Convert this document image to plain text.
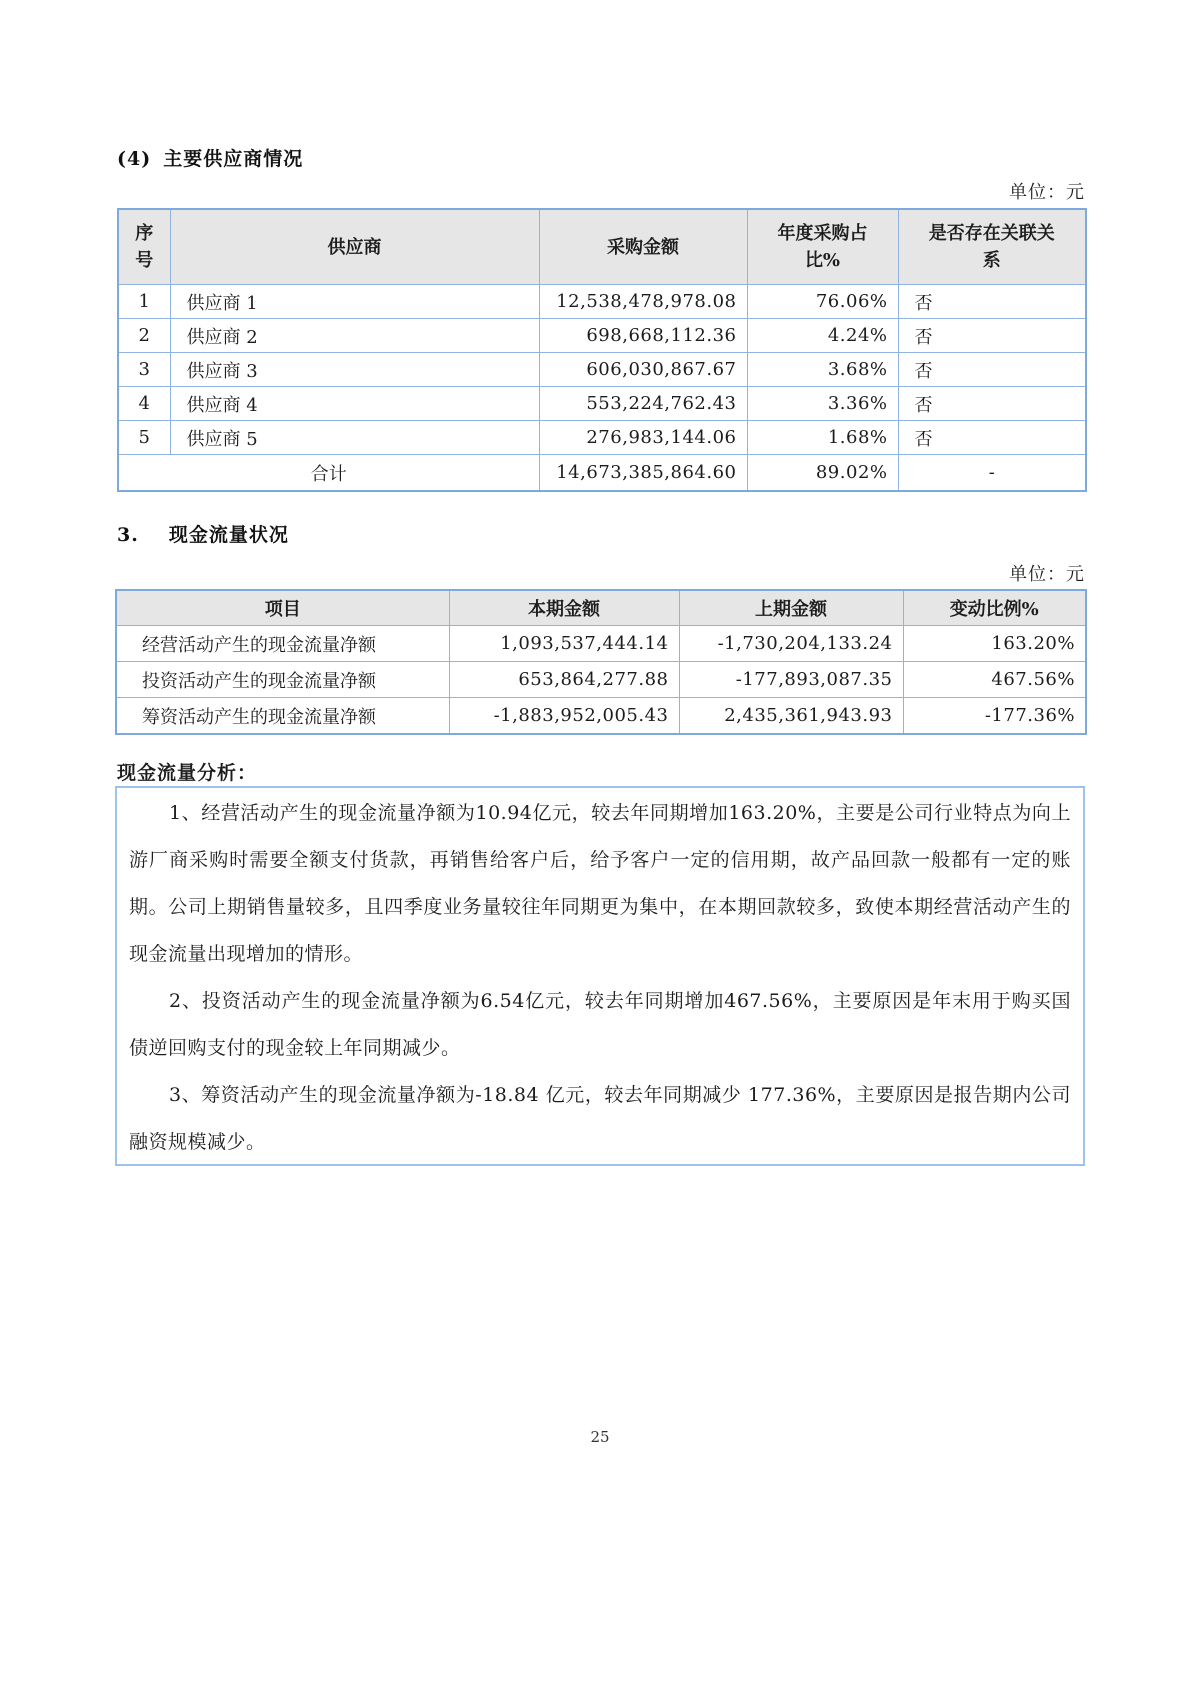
(4) 主要供应商情况
单位：元
序号	供应商	采购金额	年度采购占比%	是否存在关联关系
1	供应商 1	12,538,478,978.08	76.06%	否
2	供应商 2	698,668,112.36	4.24%	否
3	供应商 3	606,030,867.67	3.68%	否
4	供应商 4	553,224,762.43	3.36%	否
5	供应商 5	276,983,144.06	1.68%	否
合计		14,673,385,864.60	89.02%	-
3. 现金流量状况
单位：元
项目	本期金额	上期金额	变动比例%
经营活动产生的现金流量净额	1,093,537,444.14	-1,730,204,133.24	163.20%
投资活动产生的现金流量净额	653,864,277.88	-177,893,087.35	467.56%
筹资活动产生的现金流量净额	-1,883,952,005.43	2,435,361,943.93	-177.36%
现金流量分析：

1、经营活动产生的现金流量净额为10.94亿元，较去年同期增加163.20%，主要是公司行业特点为向上游厂商采购时需要全额支付货款，再销售给客户后，给予客户一定的信用期，故产品回款一般都有一定的账期。公司上期销售量较多，且四季度业务量较往年同期更为集中，在本期回款较多，致使本期经营活动产生的现金流量出现增加的情形。

2、投资活动产生的现金流量净额为6.54亿元，较去年同期增加467.56%，主要原因是年末用于购买国债逆回购支付的现金较上年同期减少。

3、筹资活动产生的现金流量净额为-18.84 亿元，较去年同期减少 177.36%，主要原因是报告期内公司融资规模减少。

25
